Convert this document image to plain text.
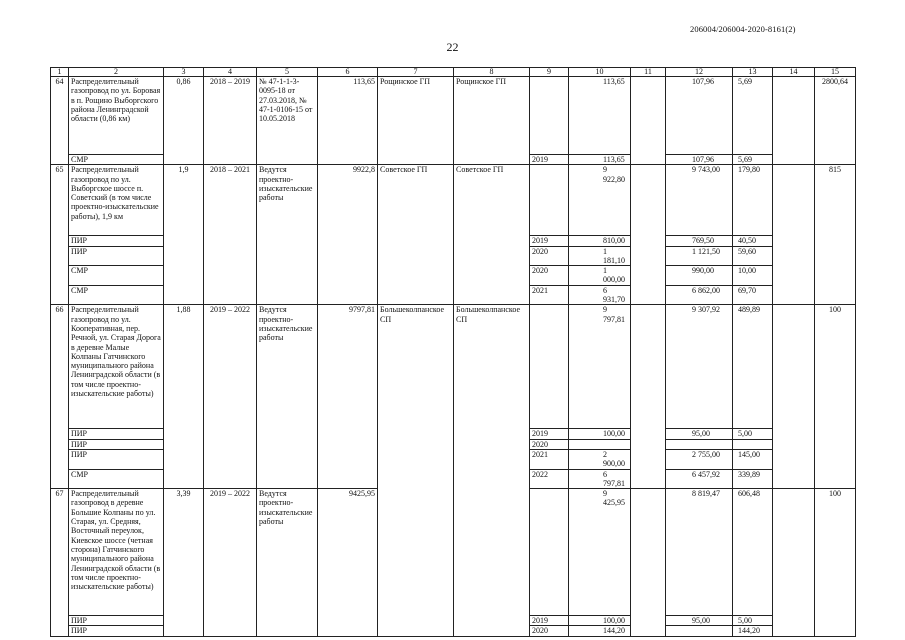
206004/206004-2020-8161(2)
22
1	2	3	4	5	6	7	8	9	10	11	12	13	14	15
64	Распределительный газопровод по ул. Боровая в п. Рощино Выборгского района Ленинградской области (0,86 км)	0,86	2018 – 2019	№ 47-1-1-3-0095-18 от 27.03.2018, № 47-1-0106-15 от 10.05.2018	113,65	Рощинское ГП	Рощинское ГП		113,65		107,96	5,69		2800,64
	СМР							2019	113,65		107,96	5,69		
65	Распределительный газопровод по ул. Выборгское шоссе п. Советский (в том числе проектно-изыскательские работы), 1,9 км	1,9	2018 – 2021	Ведутся проектно-изыскательские работы	9922,8	Советское ГП	Советское ГП		9 922,80		9 743,00	179,80		815
	ПИР							2019	810,00		769,50	40,50		
	ПИР							2020	1 181,10		1 121,50	59,60		
	СМР							2020	1 000,00		990,00	10,00		
	СМР							2021	6 931,70		6 862,00	69,70		
66	Распределительный газопровод по ул. Кооперативная, пер. Речной, ул. Старая Дорога в деревне Малые Колпаны Гатчинского муниципального района Ленинградской области (в том числе проектно-изыскательские работы)	1,88	2019 – 2022	Ведутся проектно-изыскательские работы	9797,81	Большеколпанское СП	Большеколпанское СП		9 797,81		9 307,92	489,89		100
	ПИР							2019	100,00		95,00	5,00		
	ПИР							2020						
	ПИР							2021	2 900,00		2 755,00	145,00		
	СМР							2022	6 797,81		6 457,92	339,89		
67	Распределительный газопровод в деревне Большие Колпаны по ул. Старая, ул. Средняя, Восточный переулок, Киевское шоссе (четная сторона) Гатчинского муниципального района Ленинградской области (в том числе проектно-изыскательские работы)	3,39	2019 – 2022	Ведутся проектно-изыскательские работы	9425,95				9 425,95		8 819,47	606,48		100
	ПИР							2019	100,00		95,00	5,00		
	ПИР							2020	144,20			144,20		
